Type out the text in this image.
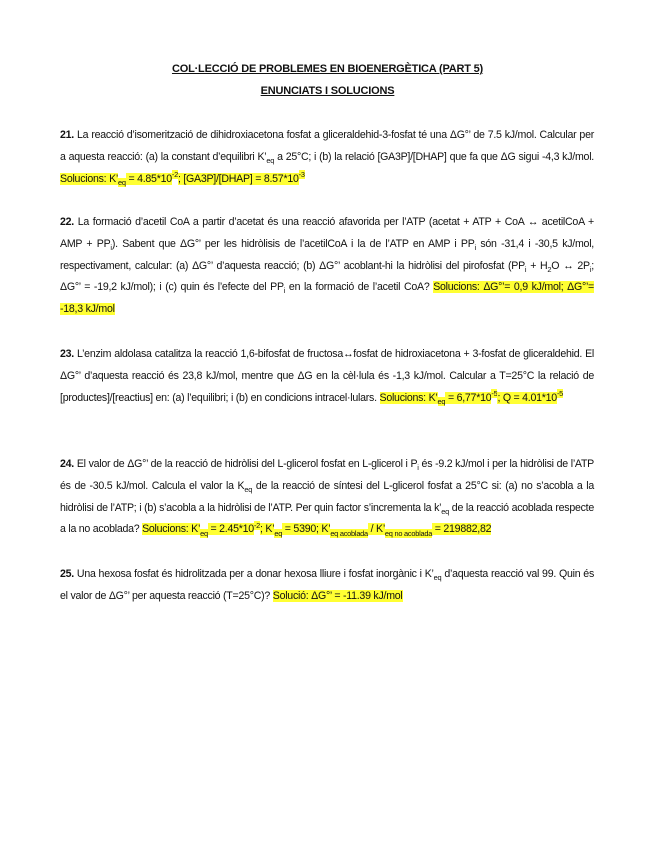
COL·LECCIÓ DE PROBLEMES EN BIOENERGÈTICA (PART 5)

ENUNCIATS I SOLUCIONS

21. La reacció d’isomerització de dihidroxiacetona fosfat a gliceraldehid-3-fosfat té una ΔG°’ de 7.5 kJ/mol. Calcular per a aquesta reacció: (a) la constant d’equilibri $K’_{eq}$ a 25°C; i (b) la relació [GA3P]/[DHAP] que fa que ΔG sigui -4,3 kJ/mol. Solucions: $K’_{eq} = 4.85*10^{-2}$; [GA3P]/[DHAP] = $8.57*10^{-3}$

22. La formació d’acetil CoA a partir d’acetat és una reacció afavorida per l’ATP (acetat + ATP + CoA ↔ acetilCoA + AMP + $PP_i$). Sabent que ΔG°’ per les hidròlisis de l’acetilCoA i la de l’ATP en AMP i $PP_i$ són -31,4 i -30,5 kJ/mol, respectivament, calcular: (a) ΔG°’ d’aquesta reacció; (b) ΔG°’ acoblant-hi la hidròlisi del pirofosfat ($PP_i + H_2O$ ↔ $2P_i$; ΔG°’ = -19,2 kJ/mol); i (c) quin és l’efecte del $PP_i$ en la formació de l’acetil CoA? Solucions: ΔG°’= 0,9 kJ/mol; ΔG°’= -18,3 kJ/mol

23. L’enzim aldolasa catalitza la reacció 1,6-bifosfat de fructosa↔fosfat de hidroxiacetona + 3-fosfat de gliceraldehid. El ΔG°’ d’aquesta reacció és 23,8 kJ/mol, mentre que ΔG en la cèl·lula és -1,3 kJ/mol. Calcular a T=25°C la relació de [productes]/[reactius] en: (a) l’equilibri; i (b) en condicions intracel·lulars. Solucions: $K’_{eq} = 6,77*10^{-5}$; $Q = 4.01*10^{-5}$

24. El valor de ΔG°’ de la reacció de hidròlisi del L-glicerol fosfat en L-glicerol i $P_i$ és -9.2 kJ/mol i per la hidròlisi de l’ATP és de -30.5 kJ/mol. Calcula el valor la $K_{eq}$ de la reacció de síntesi del L-glicerol fosfat a 25°C si: (a) no s’acobla a la hidròlisi de l’ATP; i (b) s’acobla a la hidròlisi de l’ATP. Per quin factor s’incrementa la $k’_{eq}$ de la reacció acoblada respecte a la no acoblada? Solucions: $K’_{eq} = 2.45*10^{-2}$; $K’_{eq} = 5390$; $K’_{eq acoblada}$ / $K’_{eq no acoblada} = 219882,82$

25. Una hexosa fosfat és hidrolitzada per a donar hexosa lliure i fosfat inorgànic i $K’_{eq}$ d’aquesta reacció val 99. Quin és el valor de ΔG°’ per aquesta reacció (T=25°C)? Solució: ΔG°’ = -11.39 kJ/mol
